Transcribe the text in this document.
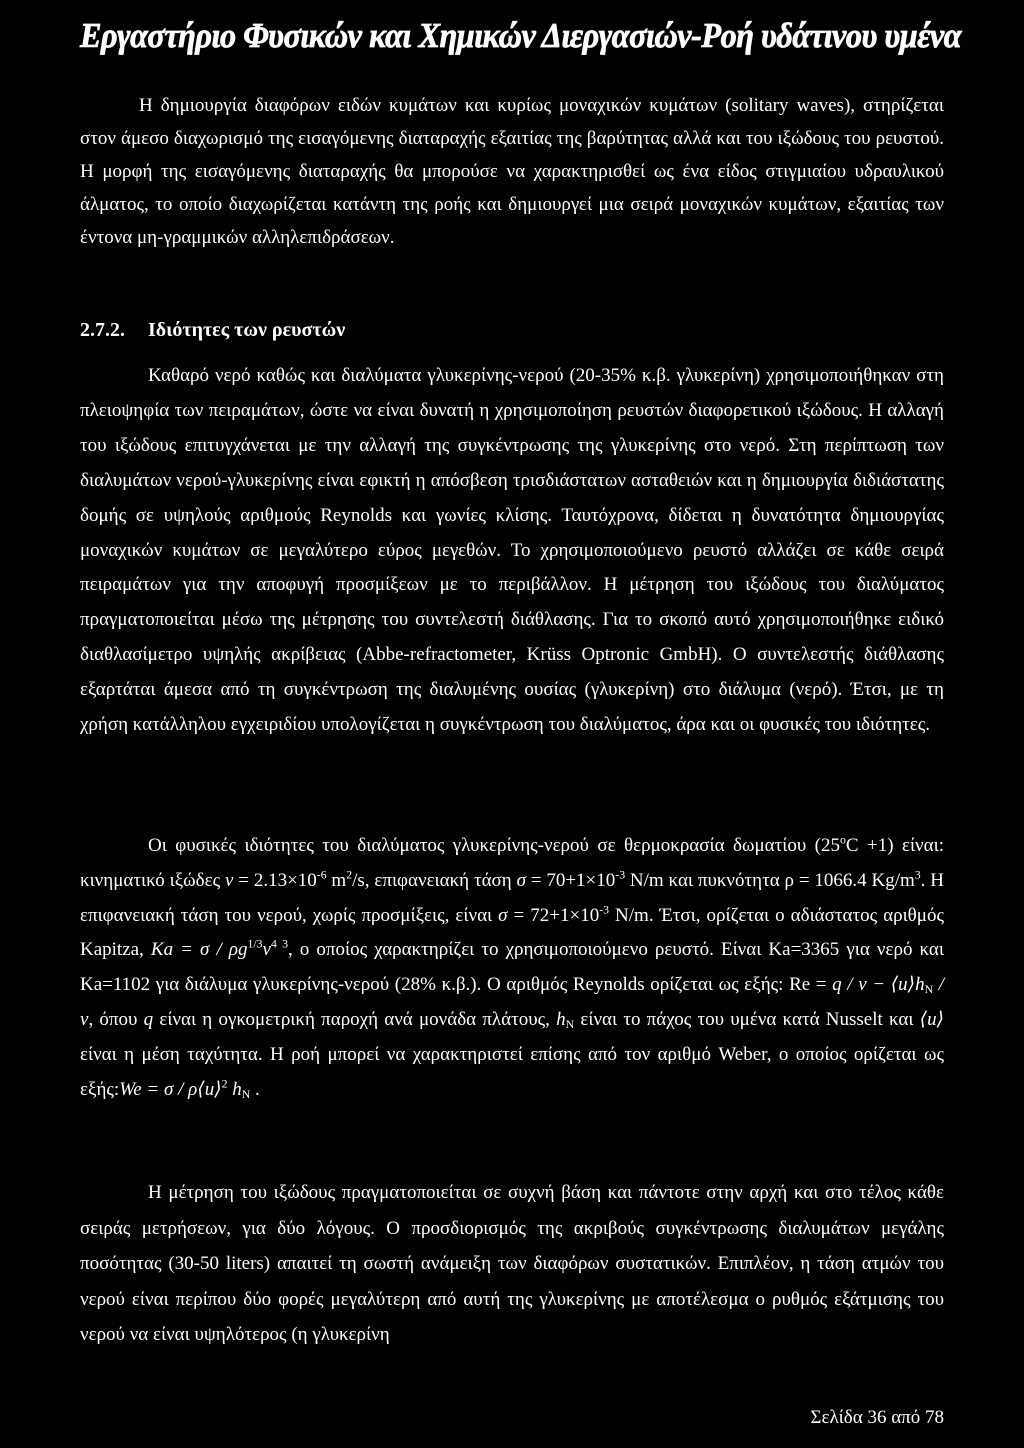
Εργαστήριο Φυσικών και Χημικών Διεργασιών-Ροή υδάτινου υμένα

Η δημιουργία διαφόρων ειδών κυμάτων και κυρίως μοναχικών κυμάτων (solitary waves), στηρίζεται στον άμεσο διαχωρισμό της εισαγόμενης διαταραχής εξαιτίας της βαρύτητας αλλά και του ιξώδους του ρευστού. Η μορφή της εισαγόμενης διαταραχής θα μπορούσε να χαρακτηρισθεί ως ένα είδος στιγμιαίου υδραυλικού άλματος, το οποίο διαχωρίζεται κατάντη της ροής και δημιουργεί μια σειρά μοναχικών κυμάτων, εξαιτίας των έντονα μη-γραμμικών αλληλεπιδράσεων.

2.7.2. Ιδιότητες των ρευστών

Καθαρό νερό καθώς και διαλύματα γλυκερίνης-νερού (20-35% κ.β. γλυκερίνη) χρησιμοποιήθηκαν στη πλειοψηφία των πειραμάτων, ώστε να είναι δυνατή η χρησιμοποίηση ρευστών διαφορετικού ιξώδους. Η αλλαγή του ιξώδους επιτυγχάνεται με την αλλαγή της συγκέντρωσης της γλυκερίνης στο νερό. Στη περίπτωση των διαλυμάτων νερού-γλυκερίνης είναι εφικτή η απόσβεση τρισδιάστατων ασταθειών και η δημιουργία διδιάστατης δομής σε υψηλούς αριθμούς Reynolds και γωνίες κλίσης. Ταυτόχρονα, δίδεται η δυνατότητα δημιουργίας μοναχικών κυμάτων σε μεγαλύτερο εύρος μεγεθών. Το χρησιμοποιούμενο ρευστό αλλάζει σε κάθε σειρά πειραμάτων για την αποφυγή προσμίξεων με το περιβάλλον. Η μέτρηση του ιξώδους του διαλύματος πραγματοποιείται μέσω της μέτρησης του συντελεστή διάθλασης. Για το σκοπό αυτό χρησιμοποιήθηκε ειδικό διαθλασίμετρο υψηλής ακρίβειας (Abbe-refractometer, Krüss Optronic GmbH). Ο συντελεστής διάθλασης εξαρτάται άμεσα από τη συγκέντρωση της διαλυμένης ουσίας (γλυκερίνη) στο διάλυμα (νερό). Έτσι, με τη χρήση κατάλληλου εγχειριδίου υπολογίζεται η συγκέντρωση του διαλύματος, άρα και οι φυσικές του ιδιότητες.

Οι φυσικές ιδιότητες του διαλύματος γλυκερίνης-νερού σε θερμοκρασία δωματίου $(25^oC +1)$ είναι: κινηματικό ιξώδες $\nu = 2.13\times 10^{-6}$ $m^2/s$, επιφανειακή τάση $\sigma = 70+1\times 10^{-3}$ N/m και πυκνότητα ρ = 1066.4 $Kg/m^3$. Η επιφανειακή τάση του νερού, χωρίς προσμίξεις, είναι $\sigma = 72+1\times 10^{-3}$ N/m. Έτσι, ορίζεται ο αδιάστατος αριθμός Kapitza, $Ka = \sigma / \rho g^{1/3}\nu^{4 3}$, ο οποίος χαρακτηρίζει το χρησιμοποιούμενο ρευστό. Είναι Ka=3365 για νερό και Ka=1102 για διάλυμα γλυκερίνης-νερού (28% κ.β.). Ο αριθμός Reynolds ορίζεται ως εξής: $Re = q / \nu - ⟨u⟩h_N / \nu$, όπου q είναι η ογκομετρική παροχή ανά μονάδα πλάτους, $h_N$ είναι το πάχος του υμένα κατά Nusselt και ⟨u⟩ είναι η μέση ταχύτητα. Η ροή μπορεί να χαρακτηριστεί επίσης από τον αριθμό Weber, ο οποίος ορίζεται ως εξής:We = σ / ρ⟨u⟩$^2$ $h_N$ .

Η μέτρηση του ιξώδους πραγματοποιείται σε συχνή βάση και πάντοτε στην αρχή και στο τέλος κάθε σειράς μετρήσεων, για δύο λόγους. Ο προσδιορισμός της ακριβούς συγκέντρωσης διαλυμάτων μεγάλης ποσότητας (30-50 liters) απαιτεί τη σωστή ανάμειξη των διαφόρων συστατικών. Επιπλέον, η τάση ατμών του νερού είναι περίπου δύο φορές μεγαλύτερη από αυτή της γλυκερίνης με αποτέλεσμα ο ρυθμός εξάτμισης του νερού να είναι υψηλότερος (η γλυκερίνη

Σελίδα 36 από 78
